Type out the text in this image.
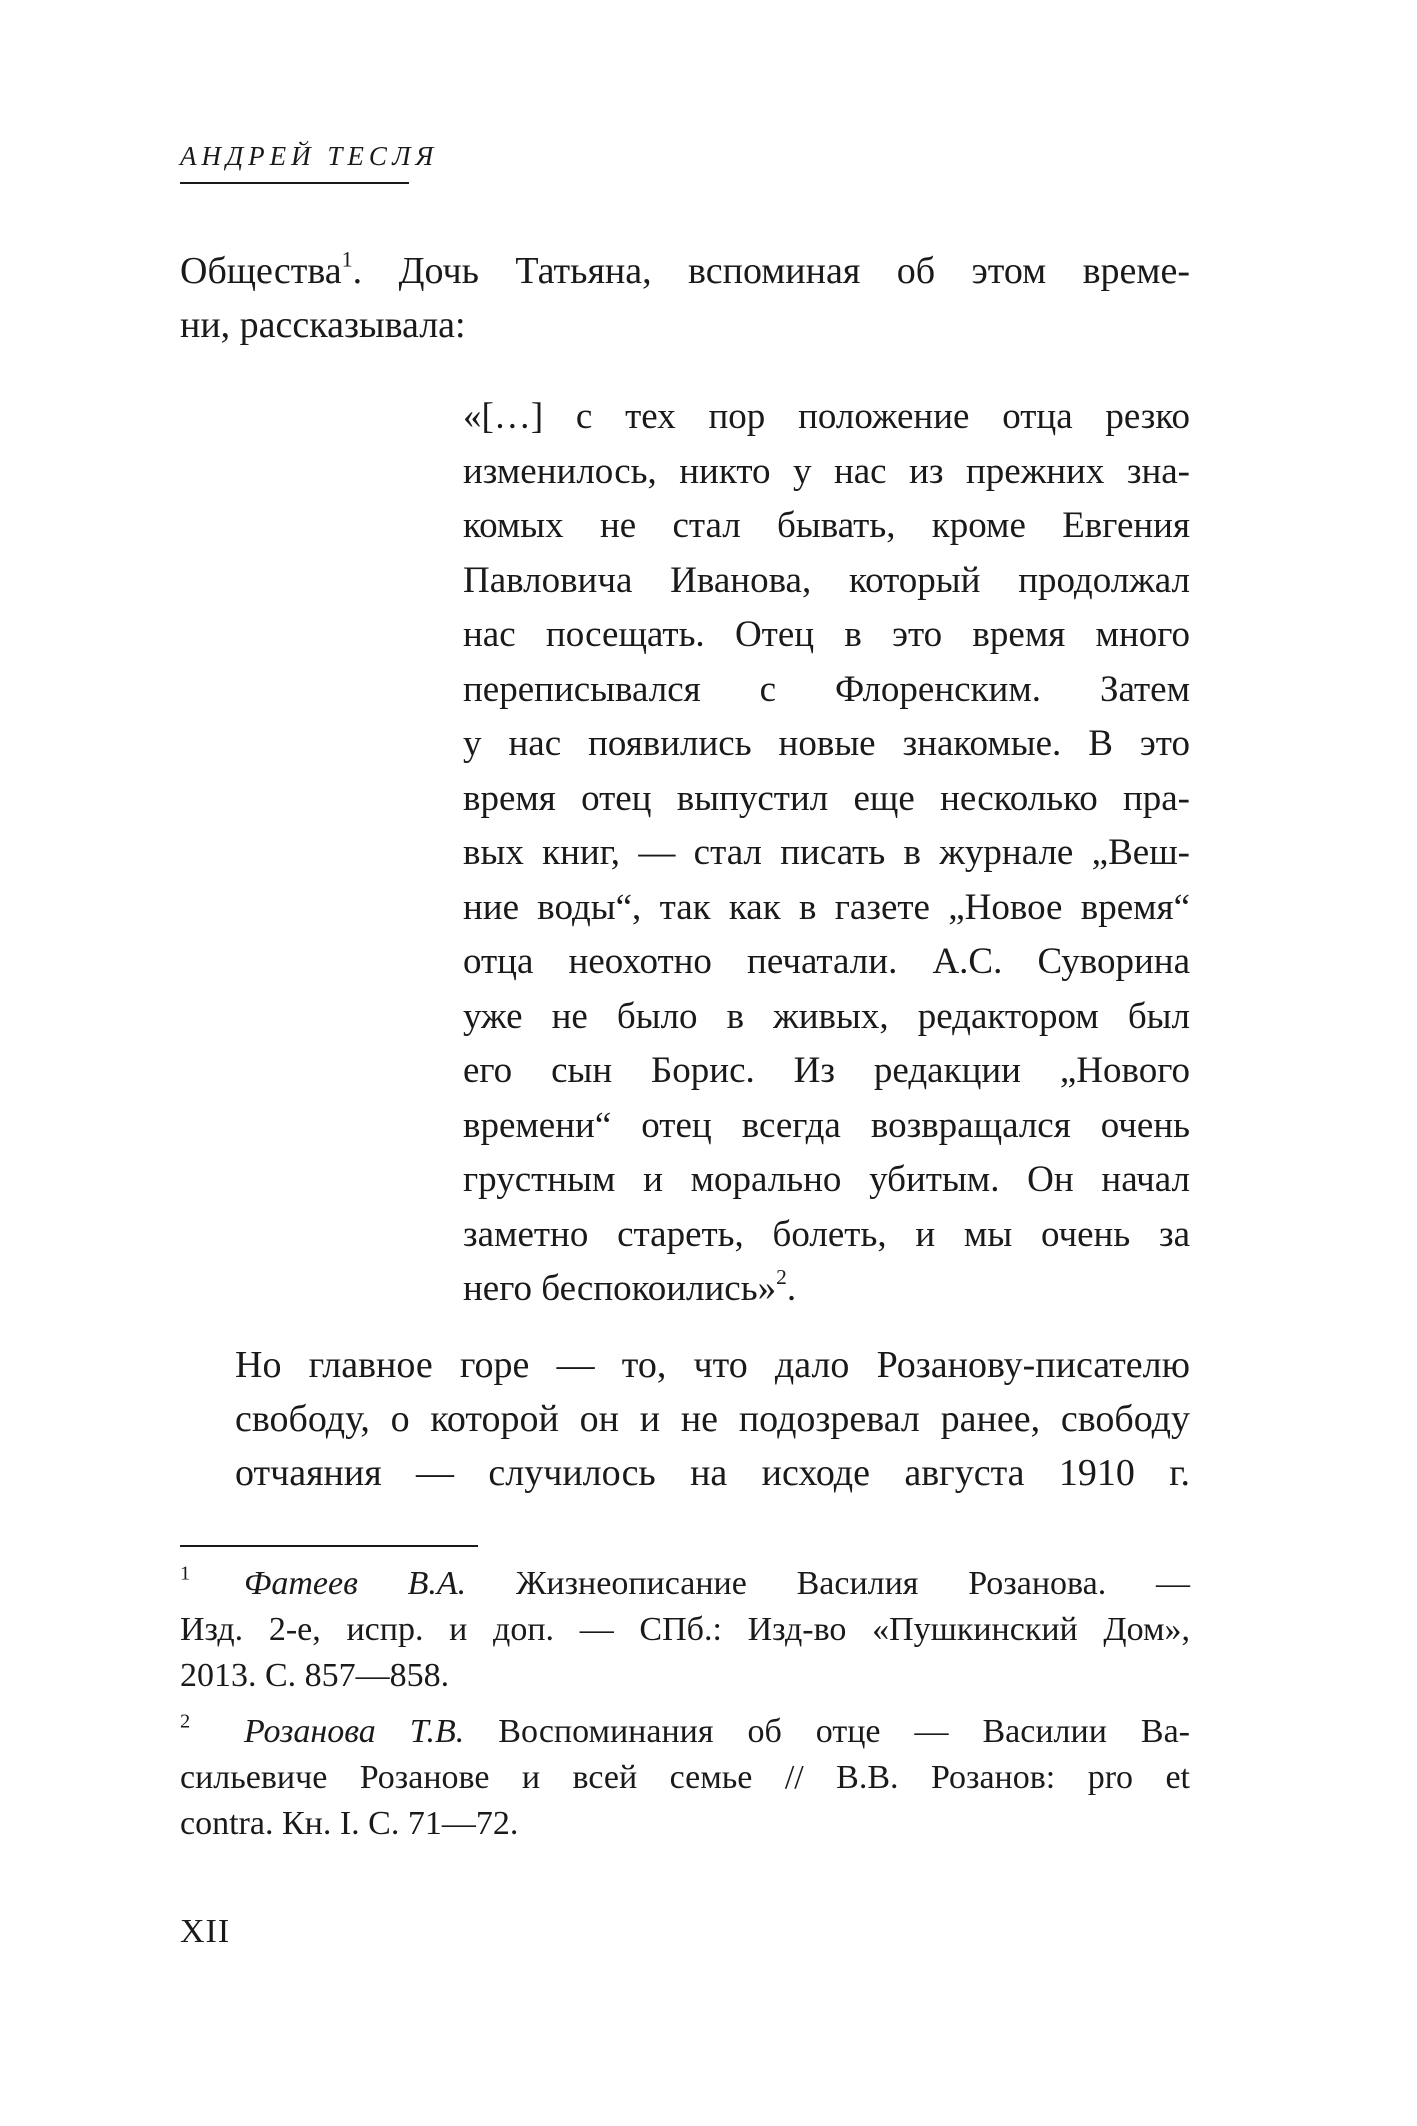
АНДРЕЙ ТЕСЛЯ
Общества$^1$. Дочь Татьяна, вспоминая об этом време-
ни, рассказывала:
«[…] с тех пор положение отца резко
изменилось, никто у нас из прежних зна-
комых не стал бывать, кроме Евгения
Павловича Иванова, который продолжал
нас посещать. Отец в это время много
переписывался с Флоренским. Затем
у нас появились новые знакомые. В это
время отец выпустил еще несколько пра-
вых книг, — стал писать в журнале „Веш-
ние воды“, так как в газете „Новое время“
отца неохотно печатали. А.С. Суворина
уже не было в живых, редактором был
его сын Борис. Из редакции „Нового
времени“ отец всегда возвращался очень
грустным и морально убитым. Он начал
заметно стареть, болеть, и мы очень за
него беспокоились»$^2$.
Но главное горе — то, что дало Розанову-писателю
свободу, о которой он и не подозревал ранее, свободу
отчаяния — случилось на исходе августа 1910 г.
$^1$ Фатеев В.А. Жизнеописание Василия Розанова. —
Изд. 2-е, испр. и доп. — СПб.: Изд-во «Пушкинский Дом»,
2013. С. 857—858.
$^2$ Розанова Т.В. Воспоминания об отце — Василии Ва-
сильевиче Розанове и всей семье // В.В. Розанов: pro et
contra. Кн. I. С. 71—72.
XII
